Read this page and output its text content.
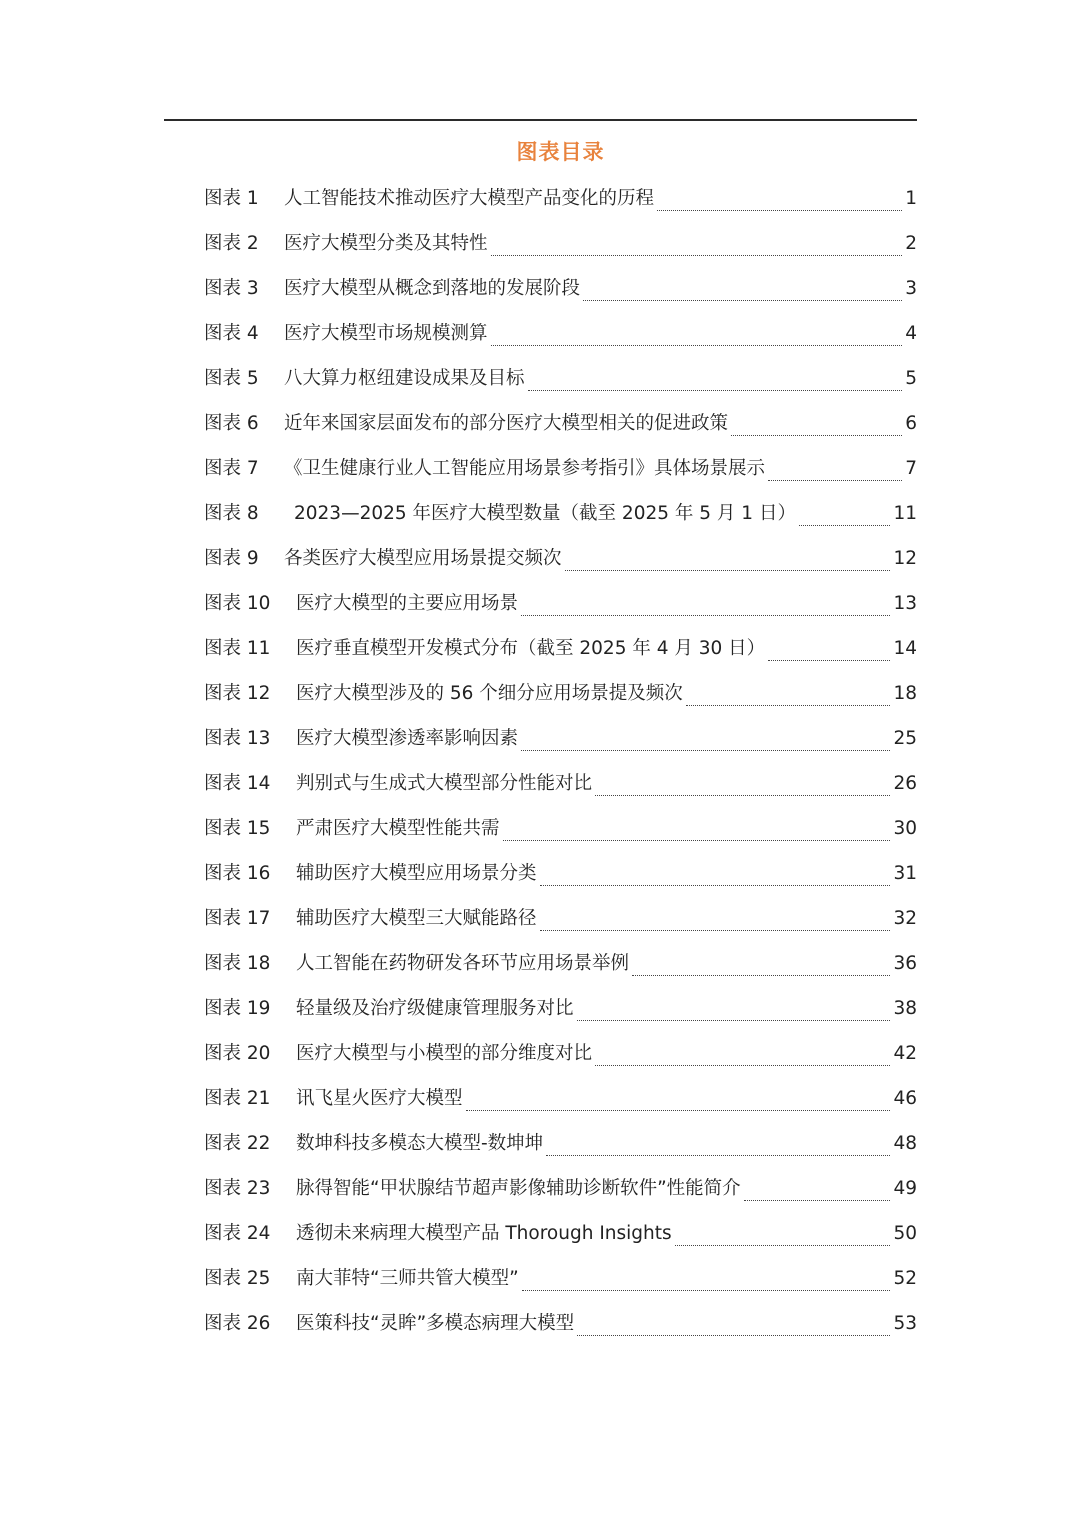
图表目录
图表 1	人工智能技术推动医疗大模型产品变化的历程	1
图表 2	医疗大模型分类及其特性	2
图表 3	医疗大模型从概念到落地的发展阶段	3
图表 4	医疗大模型市场规模测算	4
图表 5	八大算力枢纽建设成果及目标	5
图表 6	近年来国家层面发布的部分医疗大模型相关的促进政策	6
图表 7	《卫生健康行业人工智能应用场景参考指引》具体场景展示	7
图表 8	2023—2025 年医疗大模型数量（截至 2025 年 5 月 1 日）	11
图表 9	各类医疗大模型应用场景提交频次	12
图表 10	医疗大模型的主要应用场景	13
图表 11	医疗垂直模型开发模式分布（截至 2025 年 4 月 30 日）	14
图表 12	医疗大模型涉及的 56 个细分应用场景提及频次	18
图表 13	医疗大模型渗透率影响因素	25
图表 14	判别式与生成式大模型部分性能对比	26
图表 15	严肃医疗大模型性能共需	30
图表 16	辅助医疗大模型应用场景分类	31
图表 17	辅助医疗大模型三大赋能路径	32
图表 18	人工智能在药物研发各环节应用场景举例	36
图表 19	轻量级及治疗级健康管理服务对比	38
图表 20	医疗大模型与小模型的部分维度对比	42
图表 21	讯飞星火医疗大模型	46
图表 22	数坤科技多模态大模型-数坤坤	48
图表 23	脉得智能“甲状腺结节超声影像辅助诊断软件”性能简介	49
图表 24	透彻未来病理大模型产品 Thorough Insights	50
图表 25	南大菲特“三师共管大模型”	52
图表 26	医策科技“灵眸”多模态病理大模型	53
